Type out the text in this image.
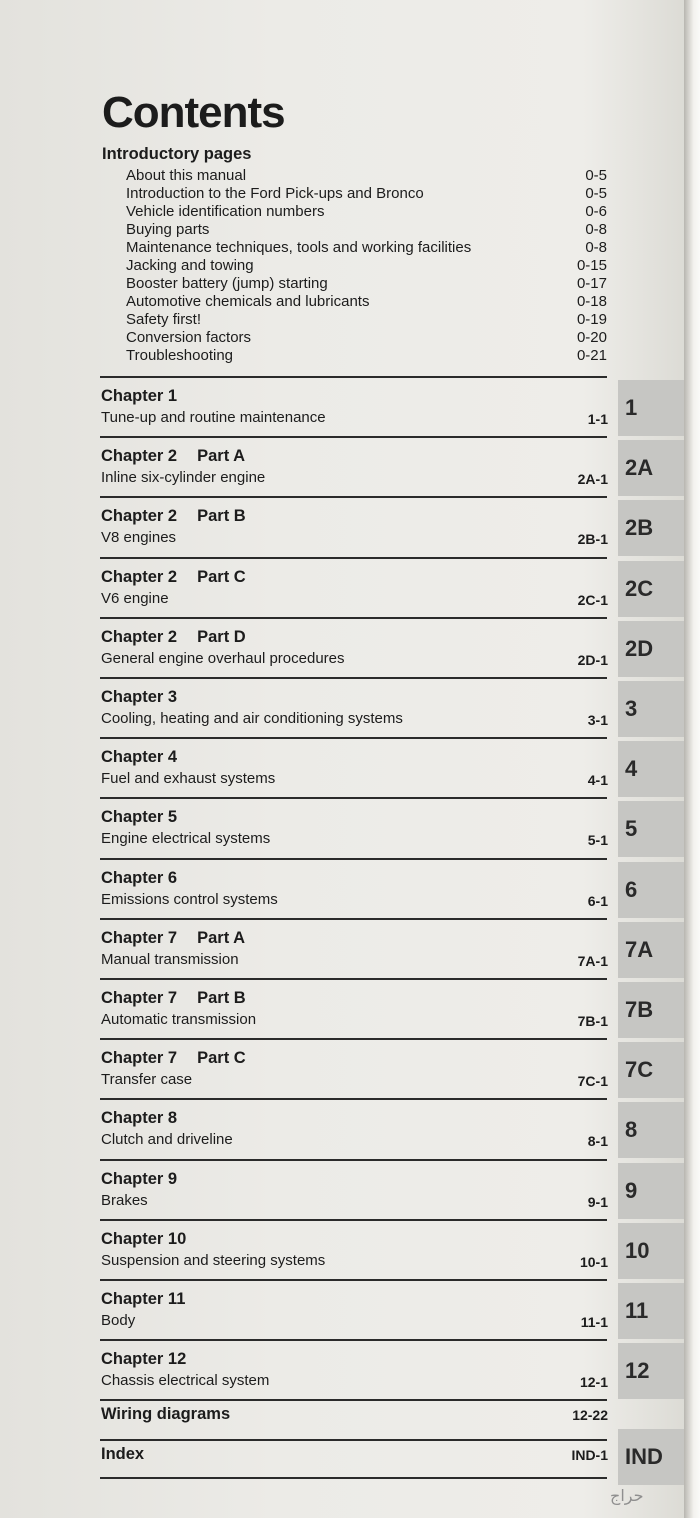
Contents
Introductory pages
About this manual	0-5
Introduction to the Ford Pick-ups and Bronco	0-5
Vehicle identification numbers	0-6
Buying parts	0-8
Maintenance techniques, tools and working facilities	0-8
Jacking and towing	0-15
Booster battery (jump) starting	0-17
Automotive chemicals and lubricants	0-18
Safety first!	0-19
Conversion factors	0-20
Troubleshooting	0-21
Chapter 1
Tune-up and routine maintenance	1-1 1
Chapter 2 Part A
Inline six-cylinder engine	2A-1 2A
Chapter 2 Part B
V8 engines	2B-1 2B
Chapter 2 Part C
V6 engine	2C-1 2C
Chapter 2 Part D
General engine overhaul procedures	2D-1 2D
Chapter 3
Cooling, heating and air conditioning systems	3-1 3
Chapter 4
Fuel and exhaust systems	4-1 4
Chapter 5
Engine electrical systems	5-1 5
Chapter 6
Emissions control systems	6-1 6
Chapter 7 Part A
Manual transmission	7A-1 7A
Chapter 7 Part B
Automatic transmission	7B-1 7B
Chapter 7 Part C
Transfer case	7C-1 7C
Chapter 8
Clutch and driveline	8-1 8
Chapter 9
Brakes	9-1 9
Chapter 10
Suspension and steering systems	10-1 10
Chapter 11
Body	11-1 11
Chapter 12
Chassis electrical system	12-1 12
Wiring diagrams	12-22
Index	IND-1 IND
حراج
